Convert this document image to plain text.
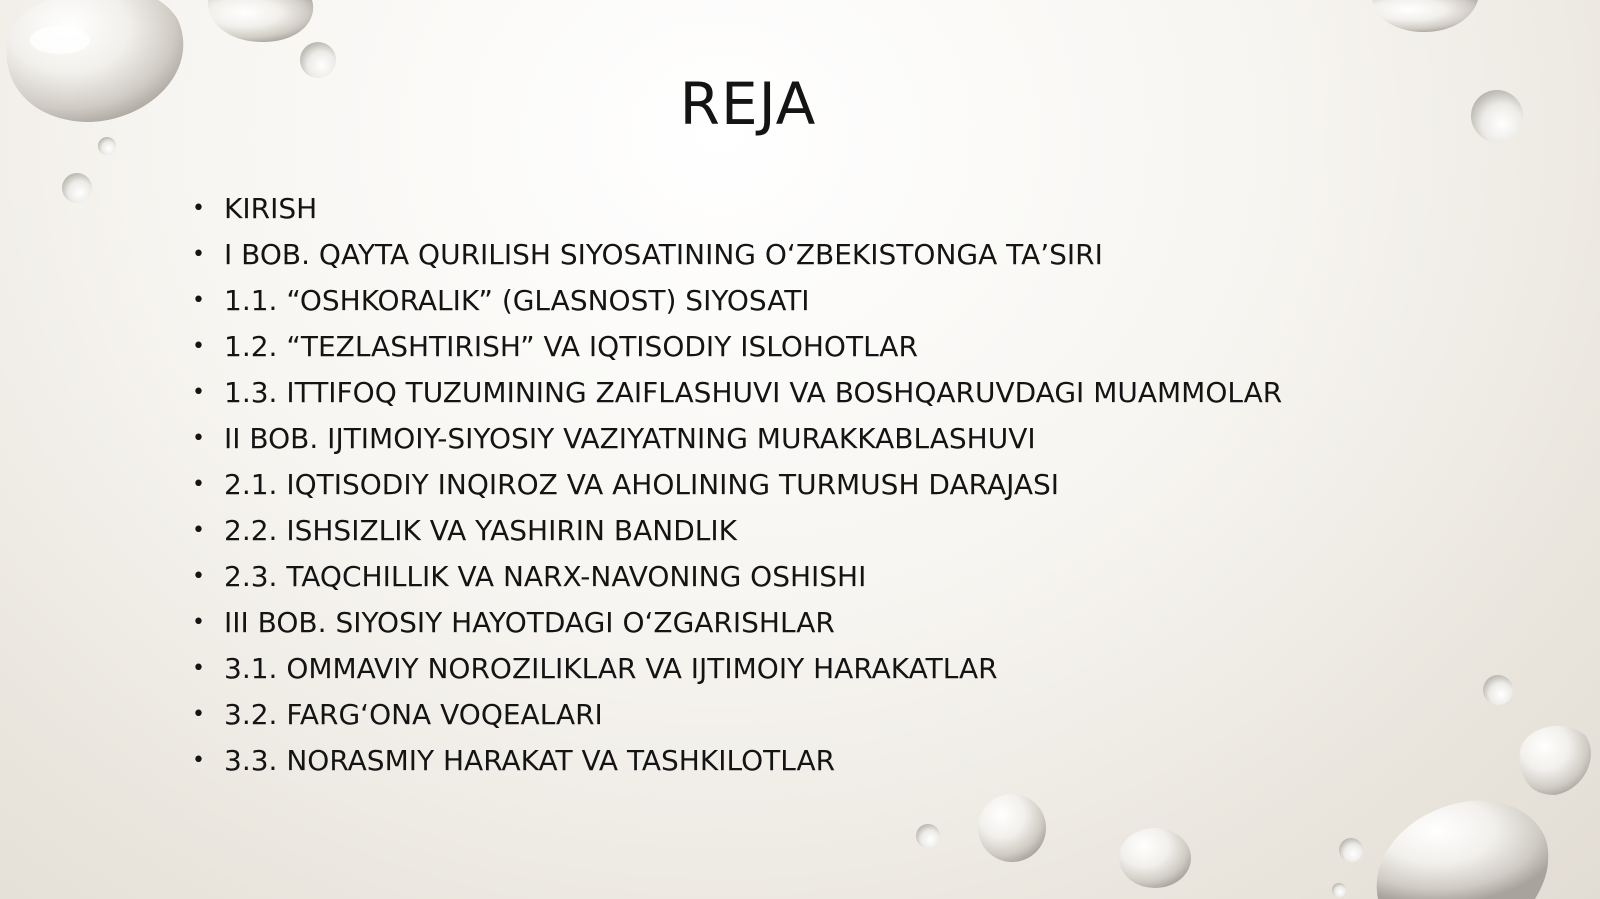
REJA
• KIRISH
• I BOB. QAYTA QURILISH SIYOSATINING O‘ZBEKISTONGA TA’SIRI
• 1.1. “OSHKORALIK” (GLASNOST) SIYOSATI
• 1.2. “TEZLASHTIRISH” VA IQTISODIY ISLOHOTLAR
• 1.3. ITTIFOQ TUZUMINING ZAIFLASHUVI VA BOSHQARUVDAGI MUAMMOLAR
• II BOB. IJTIMOIY-SIYOSIY VAZIYATNING MURAKKABLASHUVI
• 2.1. IQTISODIY INQIROZ VA AHOLINING TURMUSH DARAJASI
• 2.2. ISHSIZLIK VA YASHIRIN BANDLIK
• 2.3. TAQCHILLIK VA NARX-NAVONING OSHISHI
• III BOB. SIYOSIY HAYOTDAGI O‘ZGARISHLAR
• 3.1. OMMAVIY NOROZILIKLAR VA IJTIMOIY HARAKATLAR
• 3.2. FARG‘ONA VOQEALARI
• 3.3. NORASMIY HARAKAT VA TASHKILOTLAR
